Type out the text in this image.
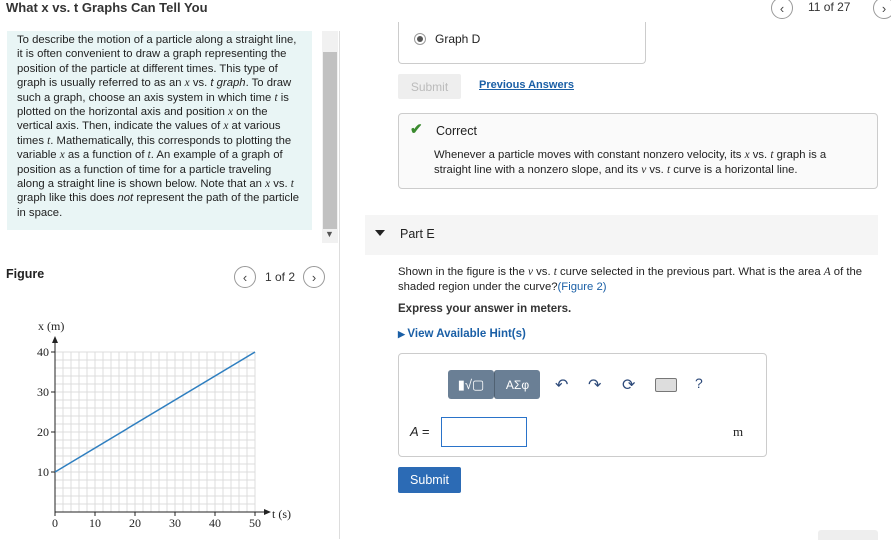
What x vs. t Graphs Can Tell You	‹	11 of 27	›
To describe the motion of a particle along a straight line, it is often convenient to draw a graph representing the position of the particle at different times. This type of graph is usually referred to as an x vs. t graph. To draw such a graph, choose an axis system in which time t is plotted on the horizontal axis and position x on the vertical axis. Then, indicate the values of x at various times t. Mathematically, this corresponds to plotting the variable x as a function of t. An example of a graph of position as a function of time for a particle traveling along a straight line is shown below. Note that an x vs. t graph like this does not represent the path of the particle in space.
▼
Figure	‹	1 of 2	›
0	10 20 30 40 50
10
20
30
40
x (m)
t (s)
Graph D
Submit	Previous Answers
✔ Correct
Whenever a particle moves with constant nonzero velocity, its x vs. t graph is a straight line with a nonzero slope, and its v vs. t curve is a horizontal line.
Part E
Shown in the figure is the v vs. t curve selected in the previous part. What is the area A of the shaded region under the curve?(Figure 2)
Express your answer in meters.
▶ View Available Hint(s)
▮√▢	ΑΣφ	↶ ↷ ⟳	?
A =	m
Submit
